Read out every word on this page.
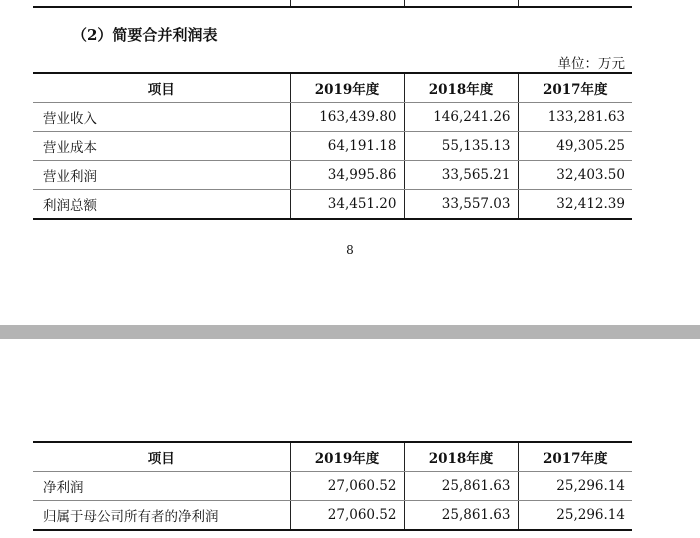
（2）简要合并利润表
单位：万元
项目	2019年度	2018年度	2017年度
营业收入	163,439.80	146,241.26	133,281.63
营业成本	64,191.18	55,135.13	49,305.25
营业利润	34,995.86	33,565.21	32,403.50
利润总额	34,451.20	33,557.03	32,412.39
8
项目	2019年度	2018年度	2017年度
净利润	27,060.52	25,861.63	25,296.14
归属于母公司所有者的净利润	27,060.52	25,861.63	25,296.14
